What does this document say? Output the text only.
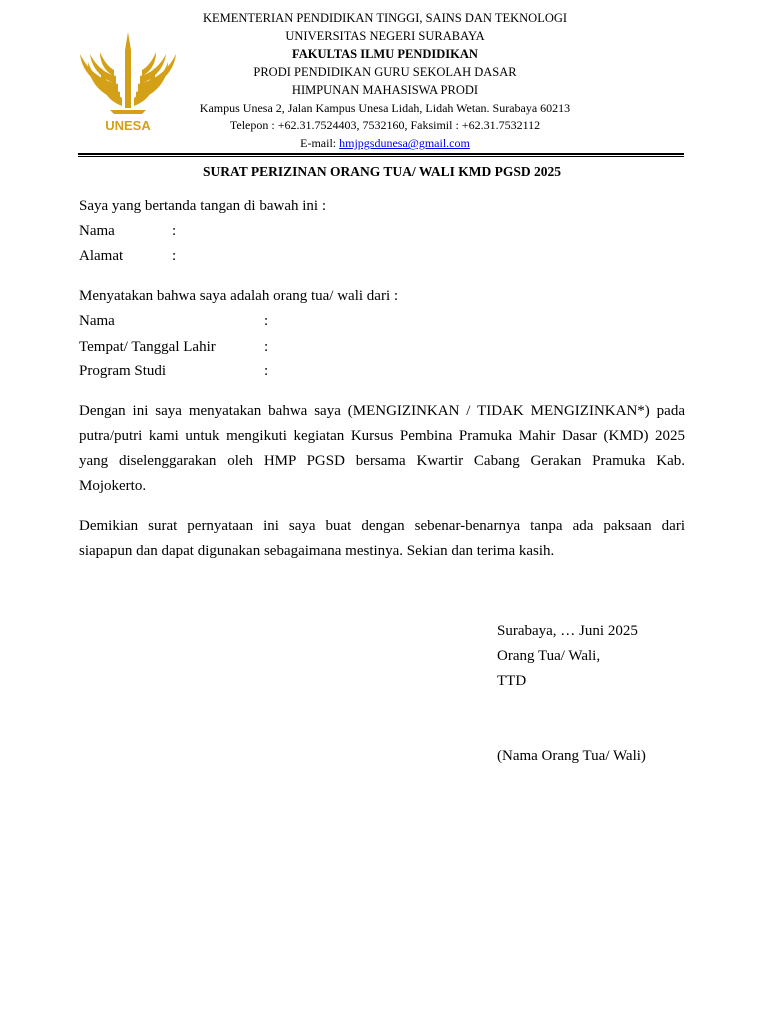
UNESA
KEMENTERIAN PENDIDIKAN TINGGI, SAINS DAN TEKNOLOGI
UNIVERSITAS NEGERI SURABAYA
FAKULTAS ILMU PENDIDIKAN
PRODI PENDIDIKAN GURU SEKOLAH DASAR
HIMPUNAN MAHASISWA PRODI
Kampus Unesa 2, Jalan Kampus Unesa Lidah, Lidah Wetan. Surabaya 60213
Telepon : +62.31.7524403, 7532160, Faksimil : +62.31.7532112
E-mail: hmjpgsdunesa@gmail.com
SURAT PERIZINAN ORANG TUA/ WALI KMD PGSD 2025
Saya yang bertanda tangan di bawah ini :
Nama	:
Alamat	:
Menyatakan bahwa saya adalah orang tua/ wali dari :
Nama	:
Tempat/ Tanggal Lahir	:
Program Studi	:
Dengan ini saya menyatakan bahwa saya (MENGIZINKAN / TIDAK MENGIZINKAN*) pada
putra/putri kami untuk mengikuti kegiatan Kursus Pembina Pramuka Mahir Dasar (KMD) 2025
yang diselenggarakan oleh HMP PGSD bersama Kwartir Cabang Gerakan Pramuka Kab.
Mojokerto.
Demikian surat pernyataan ini saya buat dengan sebenar-benarnya tanpa ada paksaan dari
siapapun dan dapat digunakan sebagaimana mestinya. Sekian dan terima kasih.
Surabaya, … Juni 2025
Orang Tua/ Wali,
TTD
(Nama Orang Tua/ Wali)
